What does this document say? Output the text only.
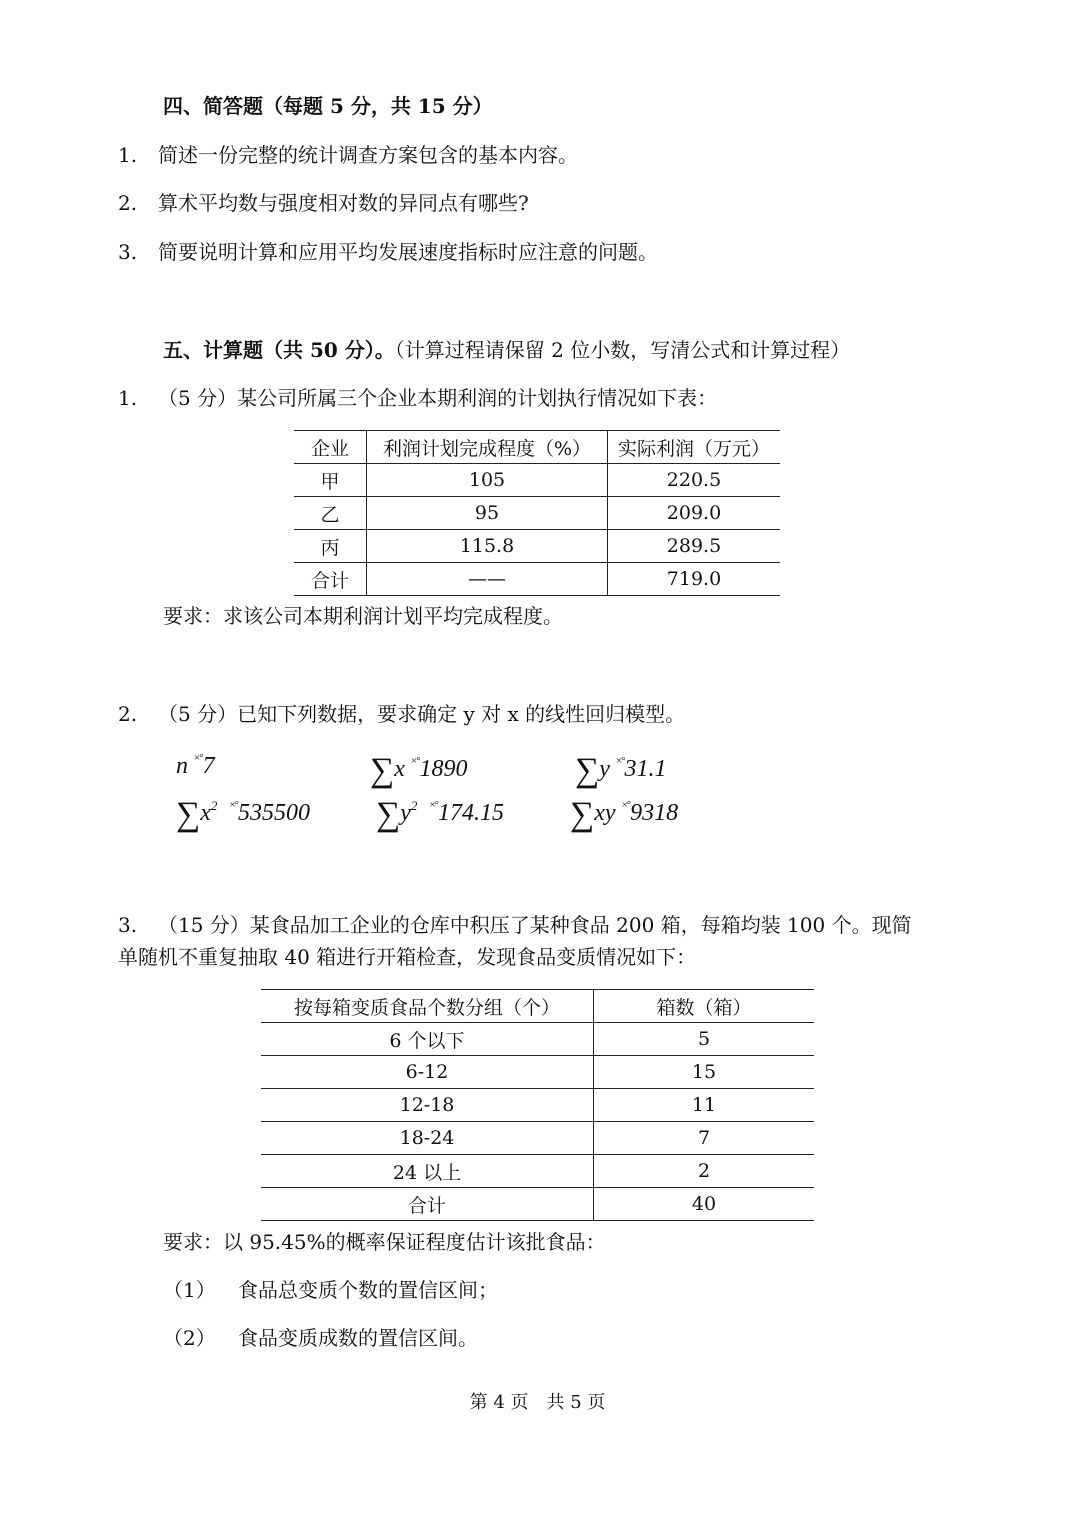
四、简答题（每题 5 分，共 15 分）
1. 简述一份完整的统计调查方案包含的基本内容。
2. 算术平均数与强度相对数的异同点有哪些?
3. 简要说明计算和应用平均发展速度指标时应注意的问题。
五、计算题（共 50 分）。（计算过程请保留 2 位小数，写清公式和计算过程）
1. （5 分）某公司所属三个企业本期利润的计划执行情况如下表：
企业	利润计划完成程度（%）	实际利润（万元）
甲	105	220.5
乙	95	209.0
丙	115.8	289.5
合计	——	719.0
要求：求该公司本期利润计划平均完成程度。
2. （5 分）已知下列数据，要求确定 y 对 x 的线性回归模型。
n ×°7	∑x ×°1890	∑y ×°31.1
$\sum x^2$ ×°535500 $\sum y^2$ ×°174.15 ∑xy ×°9318
3. （15 分）某食品加工企业的仓库中积压了某种食品 200 箱，每箱均装 100 个。现简
单随机不重复抽取 40 箱进行开箱检查，发现食品变质情况如下：
按每箱变质食品个数分组（个）	箱数（箱）
6 个以下	5
6-12	15
12-18	11
18-24	7
24 以上	2
合计	40
要求：以 95.45%的概率保证程度估计该批食品：
（1） 食品总变质个数的置信区间；
（2） 食品变质成数的置信区间。
第 4 页　共 5 页
